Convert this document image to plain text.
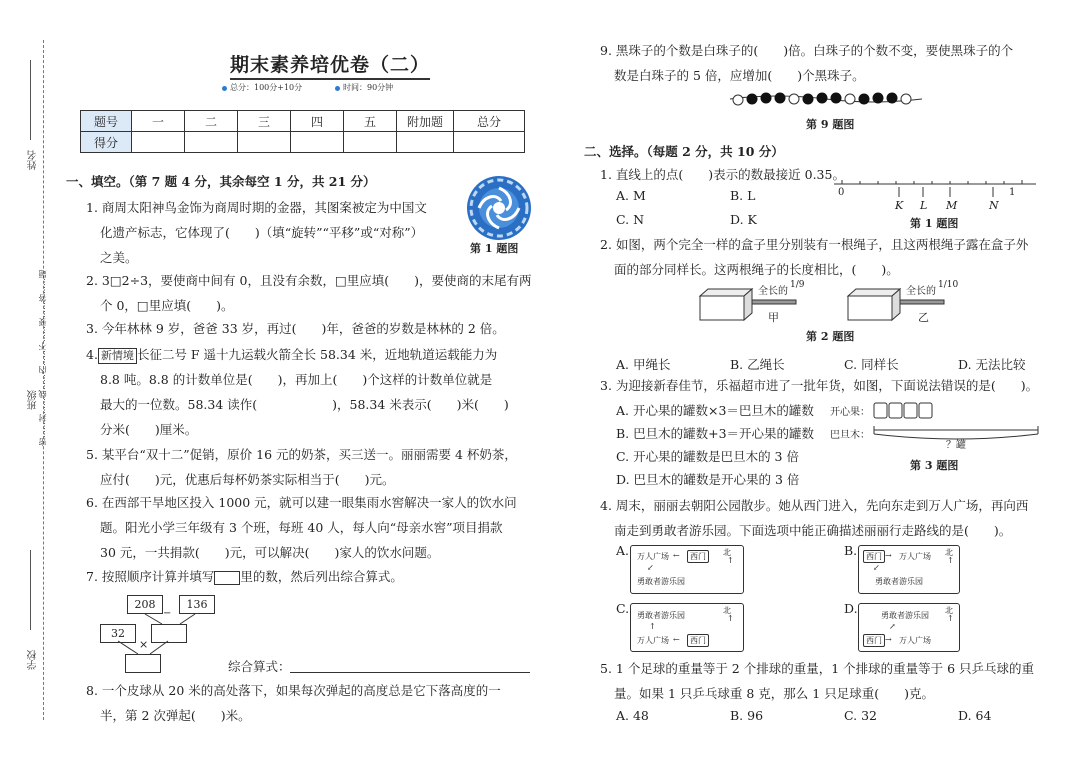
姓名
班级
学校
密……封……线……内……不……要……答……题
期末素养培优卷（二）
总分：100分+10分	时间：90分钟
题号	一	二	三	四	五	附加题	总分
得分							
一、填空。（第 7 题 4 分，其余每空 1 分，共 21 分）
1. 商周太阳神鸟金饰为商周时期的金器，其图案被定为中国文
化遗产标志，它体现了(　　)（填“旋转”“平移”或“对称”）
之美。
第 1 题图
2. 3□2÷3，要使商中间有 0，且没有余数，□里应填(　　)，要使商的末尾有两
个 0，□里应填(　　)。
3. 今年林林 9 岁，爸爸 33 岁，再过(　　)年，爸爸的岁数是林林的 2 倍。
4. 新情境 长征二号 F 遥十九运载火箭全长 58.34 米，近地轨道运载能力为
8.8 吨。8.8 的计数单位是(　　)，再加上(　　)个这样的计数单位就是
最大的一位数。58.34 读作(　　　　　　)，58.34 米表示(　　)米(　　)
分米(　　)厘米。
5. 某平台“双十二”促销，原价 16 元的奶茶，买三送一。丽丽需要 4 杯奶茶，
应付(　　)元，优惠后每杯奶茶实际相当于(　　)元。
6. 在西部干旱地区投入 1000 元，就可以建一眼集雨水窖解决一家人的饮水问
题。阳光小学三年级有 3 个班，每班 40 人，每人向“母亲水窖”项目捐款
30 元，一共捐款(　　)元，可以解决(　　)家人的饮水问题。
7. 按照顺序计算并填写 里的数，然后列出综合算式。
208	136
−
32
×
综合算式：
8. 一个皮球从 20 米的高处落下，如果每次弹起的高度总是它下落高度的一
半，第 2 次弹起(　　)米。
9. 黑珠子的个数是白珠子的(　　)倍。白珠子的个数不变，要使黑珠子的个
数是白珠子的 5 倍，应增加(　　)个黑珠子。
第 9 题图
二、选择。（每题 2 分，共 10 分）
1. 直线上的点(　　)表示的数最接近 0.35。
A. M	B. L
C. N	D. K
0	1
K L M	N
第 1 题图
2. 如图，两个完全一样的盒子里分别装有一根绳子，且这两根绳子露在盒子外
面的部分同样长。这两根绳子的长度相比，(　　)。
全长的
1/9
甲
全长的
1/10
乙
第 2 题图
A. 甲绳长	B. 乙绳长	C. 同样长	D. 无法比较
3. 为迎接新春佳节，乐福超市进了一批年货，如图，下面说法错误的是(　　)。
A. 开心果的罐数×3＝巴旦木的罐数
B. 巴旦木的罐数+3＝开心果的罐数
C. 开心果的罐数是巴旦木的 3 倍
D. 巴旦木的罐数是开心果的 3 倍
开心果：
巴旦木：
？罐
第 3 题图
4. 周末，丽丽去朝阳公园散步。她从西门进入，先向东走到万人广场，再向西
南走到勇敢者游乐园。下面选项中能正确描述丽丽行走路线的是(　　)。
A. 万人广场 ←	西门	北
↑
↙
勇敢者游乐园
B.	西门 → 万人广场 北
↑
↙
勇敢者游乐园
C. 勇敢者游乐园
北
↑
↑
万人广场 ←	西门
D.	勇敢者游乐园
北
↑
↗
西门 → 万人广场
5. 1 个足球的重量等于 2 个排球的重量，1 个排球的重量等于 6 只乒乓球的重
量。如果 1 只乒乓球重 8 克，那么 1 只足球重(　　)克。
A. 48	B. 96	C. 32	D. 64
